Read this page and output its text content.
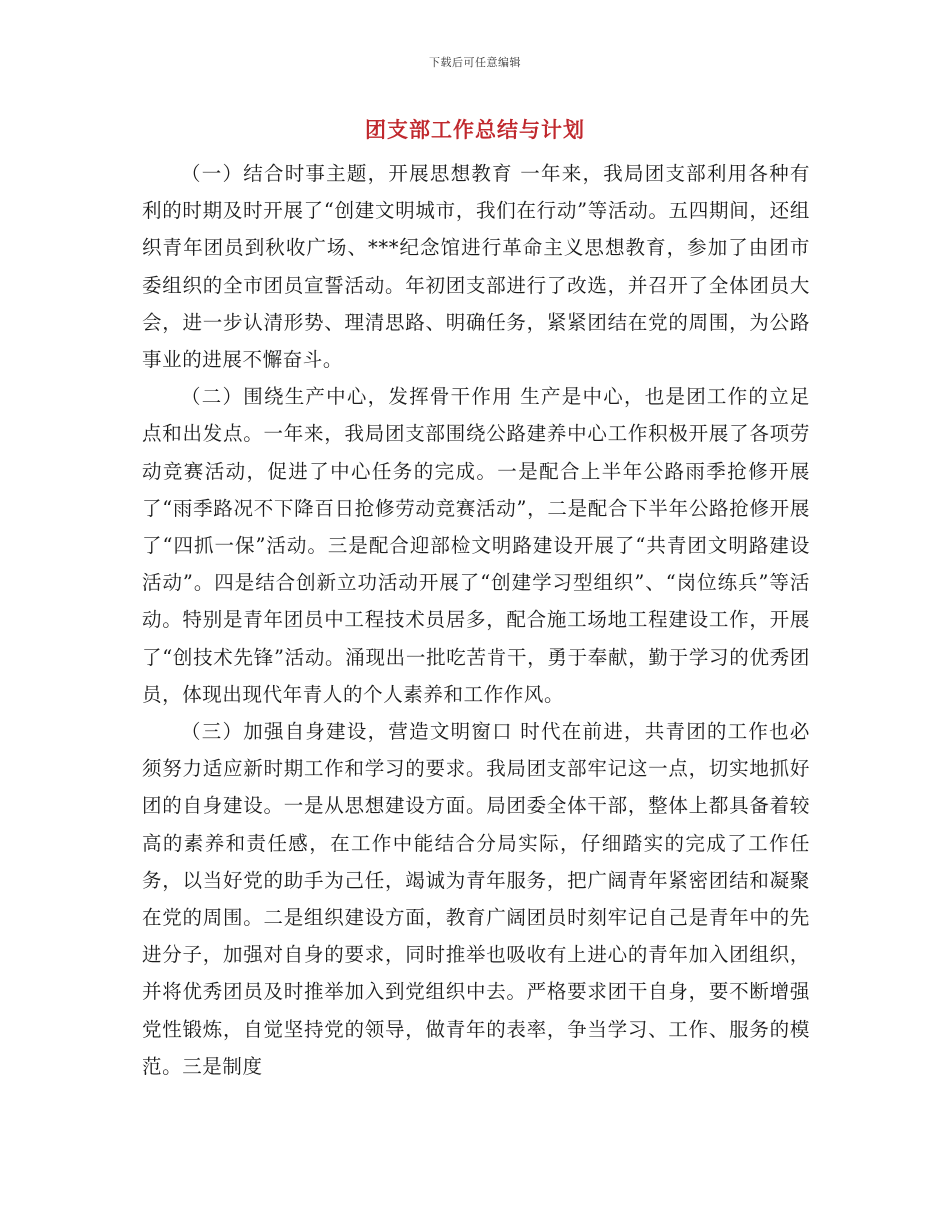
下载后可任意编辑
团支部工作总结与计划

（一）结合时事主题，开展思想教育 一年来，我局团支部利用各种有利的时期及时开展了“创建文明城市，我们在行动”等活动。五四期间，还组织青年团员到秋收广场、***纪念馆进行革命主义思想教育，参加了由团市委组织的全市团员宣誓活动。年初团支部进行了改选，并召开了全体团员大会，进一步认清形势、理清思路、明确任务，紧紧团结在党的周围，为公路事业的进展不懈奋斗。

（二）围绕生产中心，发挥骨干作用 生产是中心，也是团工作的立足点和出发点。一年来，我局团支部围绕公路建养中心工作积极开展了各项劳动竞赛活动，促进了中心任务的完成。一是配合上半年公路雨季抢修开展了“雨季路况不下降百日抢修劳动竞赛活动”，二是配合下半年公路抢修开展了“四抓一保”活动。三是配合迎部检文明路建设开展了“共青团文明路建设活动”。四是结合创新立功活动开展了“创建学习型组织”、“岗位练兵”等活动。特别是青年团员中工程技术员居多，配合施工场地工程建设工作，开展了“创技术先锋”活动。涌现出一批吃苦肯干，勇于奉献，勤于学习的优秀团员，体现出现代年青人的个人素养和工作作风。

（三）加强自身建设，营造文明窗口 时代在前进，共青团的工作也必须努力适应新时期工作和学习的要求。我局团支部牢记这一点，切实地抓好团的自身建设。一是从思想建设方面。局团委全体干部，整体上都具备着较高的素养和责任感，在工作中能结合分局实际，仔细踏实的完成了工作任务，以当好党的助手为己任，竭诚为青年服务，把广阔青年紧密团结和凝聚在党的周围。二是组织建设方面，教育广阔团员时刻牢记自己是青年中的先进分子，加强对自身的要求，同时推举也吸收有上进心的青年加入团组织，并将优秀团员及时推举加入到党组织中去。严格要求团干自身，要不断增强党性锻炼，自觉坚持党的领导，做青年的表率，争当学习、工作、服务的模范。三是制度
